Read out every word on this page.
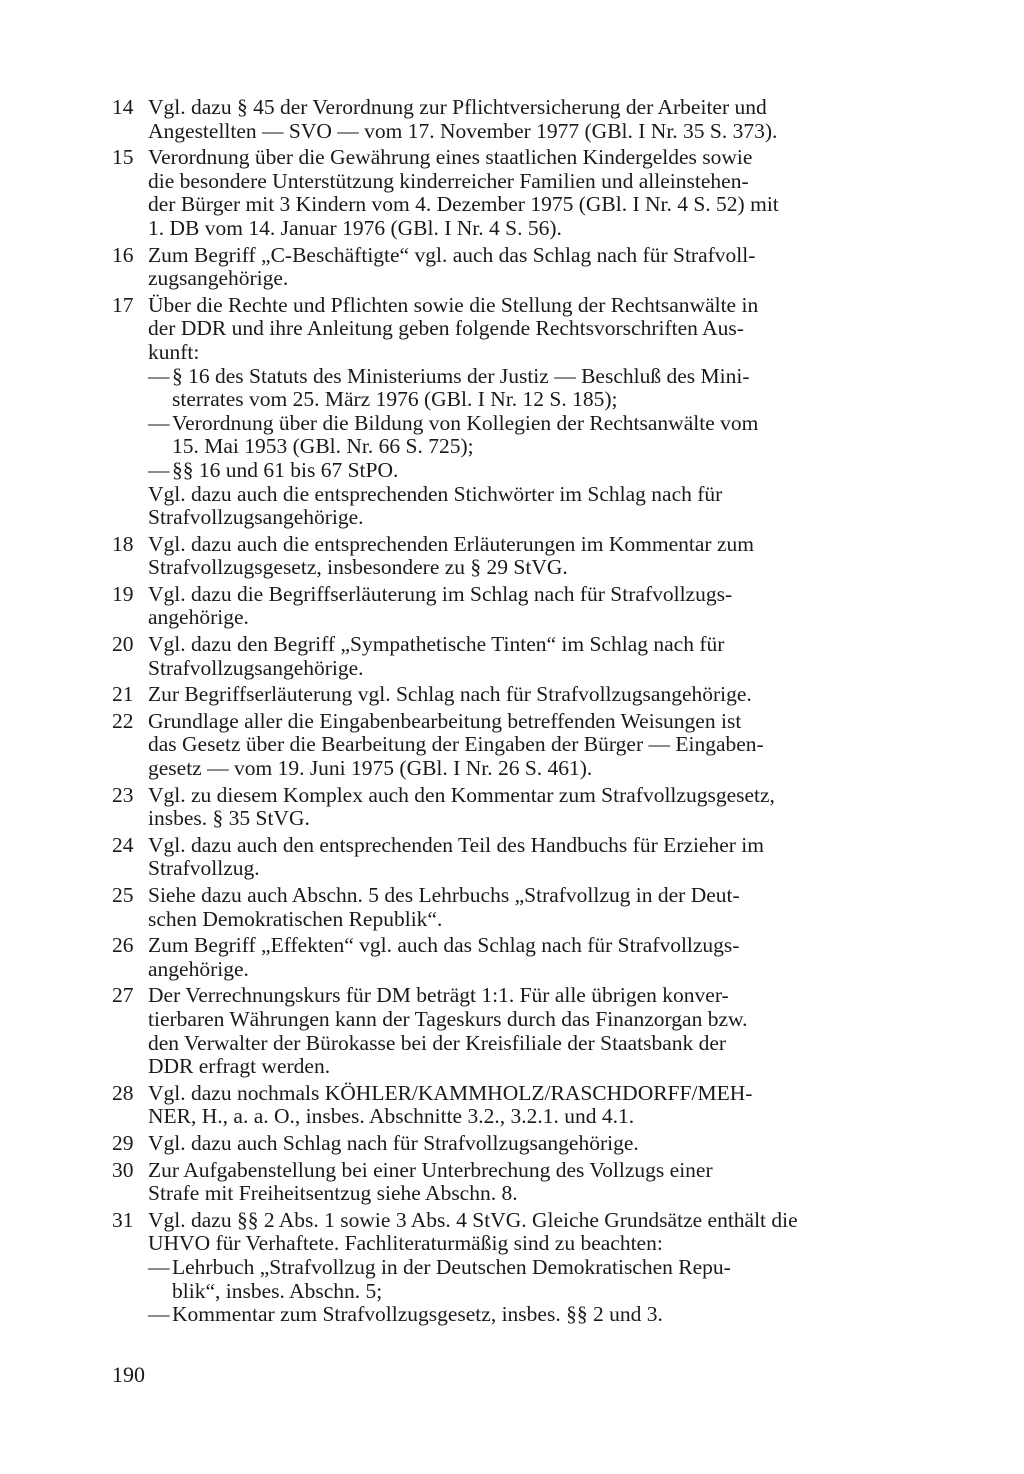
14 Vgl. dazu § 45 der Verordnung zur Pflichtversicherung der Arbeiter und
Angestellten — SVO — vom 17. November 1977 (GBl. I Nr. 35 S. 373).
15 Verordnung über die Gewährung eines staatlichen Kindergeldes sowie
die besondere Unterstützung kinderreicher Familien und alleinstehen-
der Bürger mit 3 Kindern vom 4. Dezember 1975 (GBl. I Nr. 4 S. 52) mit
1. DB vom 14. Januar 1976 (GBl. I Nr. 4 S. 56).
16 Zum Begriff „C-Beschäftigte“ vgl. auch das Schlag nach für Strafvoll-
zugsangehörige.
17 Über die Rechte und Pflichten sowie die Stellung der Rechtsanwälte in
der DDR und ihre Anleitung geben folgende Rechtsvorschriften Aus-
kunft:
— § 16 des Statuts des Ministeriums der Justiz — Beschluß des Mini-
sterrates vom 25. März 1976 (GBl. I Nr. 12 S. 185);
— Verordnung über die Bildung von Kollegien der Rechtsanwälte vom
15. Mai 1953 (GBl. Nr. 66 S. 725);
— §§ 16 und 61 bis 67 StPO.
Vgl. dazu auch die entsprechenden Stichwörter im Schlag nach für
Strafvollzugsangehörige.
18 Vgl. dazu auch die entsprechenden Erläuterungen im Kommentar zum
Strafvollzugsgesetz, insbesondere zu § 29 StVG.
19 Vgl. dazu die Begriffserläuterung im Schlag nach für Strafvollzugs-
angehörige.
20 Vgl. dazu den Begriff „Sympathetische Tinten“ im Schlag nach für
Strafvollzugsangehörige.
21 Zur Begriffserläuterung vgl. Schlag nach für Strafvollzugsangehörige.
22 Grundlage aller die Eingabenbearbeitung betreffenden Weisungen ist
das Gesetz über die Bearbeitung der Eingaben der Bürger — Eingaben-
gesetz — vom 19. Juni 1975 (GBl. I Nr. 26 S. 461).
23 Vgl. zu diesem Komplex auch den Kommentar zum Strafvollzugsgesetz,
insbes. § 35 StVG.
24 Vgl. dazu auch den entsprechenden Teil des Handbuchs für Erzieher im
Strafvollzug.
25 Siehe dazu auch Abschn. 5 des Lehrbuchs „Strafvollzug in der Deut-
schen Demokratischen Republik“.
26 Zum Begriff „Effekten“ vgl. auch das Schlag nach für Strafvollzugs-
angehörige.
27 Der Verrechnungskurs für DM beträgt 1:1. Für alle übrigen konver-
tierbaren Währungen kann der Tageskurs durch das Finanzorgan bzw.
den Verwalter der Bürokasse bei der Kreisfiliale der Staatsbank der
DDR erfragt werden.
28 Vgl. dazu nochmals KÖHLER/KAMMHOLZ/RASCHDORFF/MEH-
NER, H., a. a. O., insbes. Abschnitte 3.2., 3.2.1. und 4.1.
29 Vgl. dazu auch Schlag nach für Strafvollzugsangehörige.
30 Zur Aufgabenstellung bei einer Unterbrechung des Vollzugs einer
Strafe mit Freiheitsentzug siehe Abschn. 8.
31 Vgl. dazu §§ 2 Abs. 1 sowie 3 Abs. 4 StVG. Gleiche Grundsätze enthält die
UHVO für Verhaftete. Fachliteraturmäßig sind zu beachten:
— Lehrbuch „Strafvollzug in der Deutschen Demokratischen Repu-
blik“, insbes. Abschn. 5;
— Kommentar zum Strafvollzugsgesetz, insbes. §§ 2 und 3.
190
